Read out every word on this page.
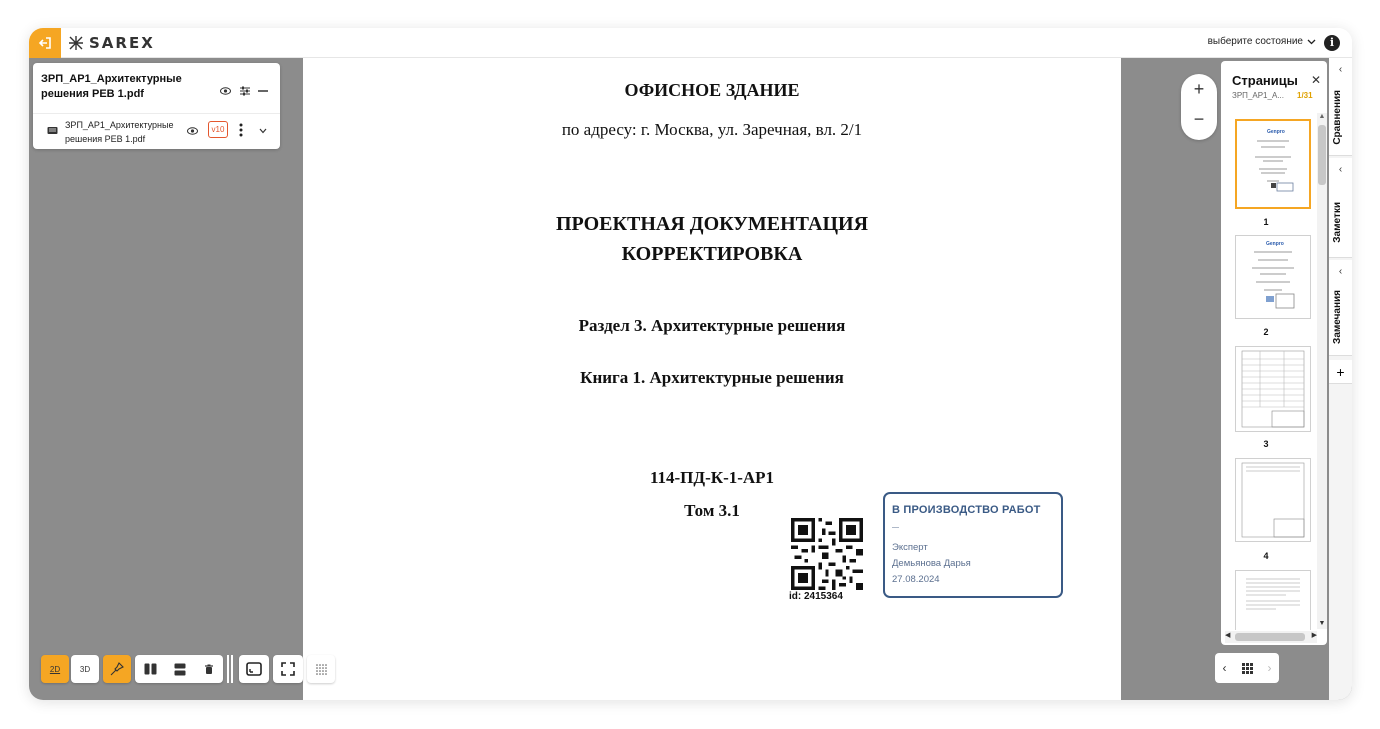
SAREX	выберите состояние	i
ЗРП_АР1_Архитектурные решения РЕВ 1.pdf
ЗРП_АР1_Архитектурные решения РЕВ 1.pdf
v10
ОФИСНОЕ ЗДАНИЕ
по адресу: г. Москва, ул. Заречная, вл. 2/1
ПРОЕКТНАЯ ДОКУМЕНТАЦИЯ
КОРРЕКТИРОВКА
Раздел 3. Архитектурные решения
Книга 1. Архитектурные решения
114-ПД-К-1-АР1
Том 3.1
id: 2415364
В ПРОИЗВОДСТВО РАБОТ
—
Эксперт
Демьянова Дарья
27.08.2024
+
−
Страницы ✕
ЗРП_АР1_А... 1/31
Genpro
1
Genpro
2
3
4
▲
▼
◀	▶
‹
Сравнения
‹
Заметки
‹
Замечания
+
2D 3D	‹	›
